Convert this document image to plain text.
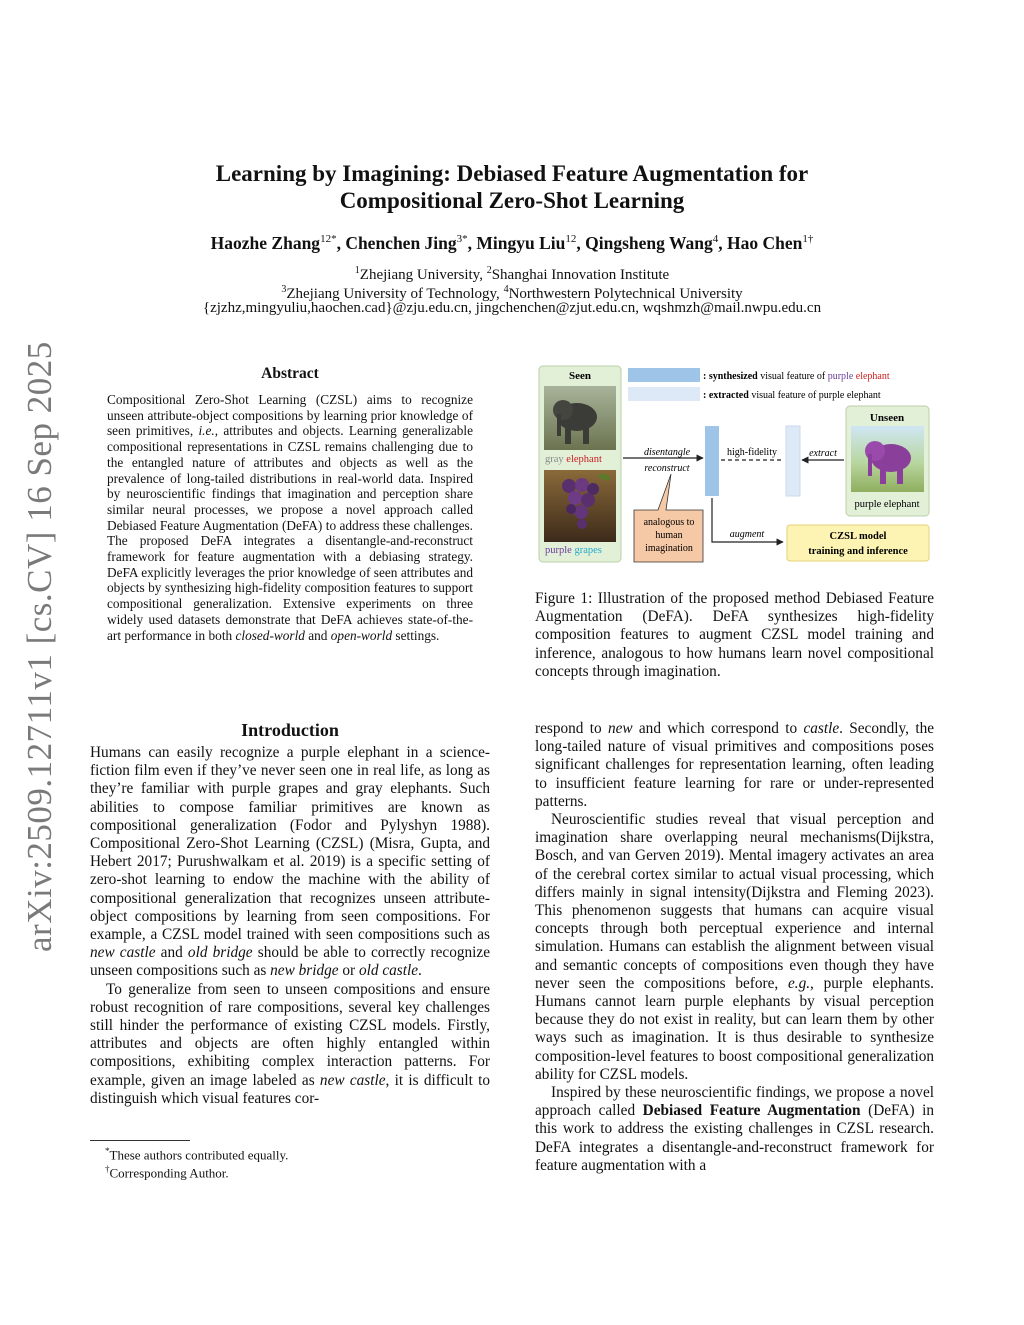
arXiv:2509.12711v1 [cs.CV] 16 Sep 2025
Learning by Imagining: Debiased Feature Augmentation for
Compositional Zero-Shot Learning
Haozhe Zhang$^{12*}$, Chenchen Jing$^{3*}$, Mingyu Liu$^{12}$, Qingsheng Wang$^4$, Hao Chen$^{1\dagger}$
$^1$Zhejiang University, $^2$Shanghai Innovation Institute
$^3$Zhejiang University of Technology, $^4$Northwestern Polytechnical University
{zjzhz,mingyuliu,haochen.cad}@zju.edu.cn, jingchenchen@zjut.edu.cn, wqshmzh@mail.nwpu.edu.cn
Abstract
Compositional Zero-Shot Learning (CZSL) aims to recognize unseen attribute-object compositions by learning prior knowledge of seen primitives, i.e., attributes and objects. Learning generalizable compositional representations in CZSL remains challenging due to the entangled nature of attributes and objects as well as the prevalence of long-tailed distributions in real-world data. Inspired by neuroscientific findings that imagination and perception share similar neural processes, we propose a novel approach called Debiased Feature Augmentation (DeFA) to address these challenges. The proposed DeFA integrates a disentangle-and-reconstruct framework for feature augmentation with a debiasing strategy. DeFA explicitly leverages the prior knowledge of seen attributes and objects by synthesizing high-fidelity composition features to support compositional generalization. Extensive experiments on three widely used datasets demonstrate that DeFA achieves state-of-the-art performance in both closed-world and open-world settings.
Introduction

Humans can easily recognize a purple elephant in a science-fiction film even if they’ve never seen one in real life, as long as they’re familiar with purple grapes and gray elephants. Such abilities to compose familiar primitives are known as compositional generalization (Fodor and Pylyshyn 1988). Compositional Zero-Shot Learning (CZSL) (Misra, Gupta, and Hebert 2017; Purushwalkam et al. 2019) is a specific setting of zero-shot learning to endow the machine with the ability of compositional generalization that recognizes unseen attribute-object compositions by learning from seen compositions. For example, a CZSL model trained with seen compositions such as new castle and old bridge should be able to correctly recognize unseen compositions such as new bridge or old castle.

To generalize from seen to unseen compositions and ensure robust recognition of rare compositions, several key challenges still hinder the performance of existing CZSL models. Firstly, attributes and objects are often highly entangled within compositions, exhibiting complex interaction patterns. For example, given an image labeled as new castle, it is difficult to distinguish which visual features cor-

*These authors contributed equally.
†Corresponding Author.
Seen
gray elephant
purple grapes
: synthesized visual feature of purple elephant
: extracted visual feature of purple elephant
Unseen
purple elephant
disentangle
reconstruct
high-fidelity	extract
augment
analogous to
human
imagination
CZSL model
training and inference
Figure 1: Illustration of the proposed method Debiased Feature Augmentation (DeFA). DeFA synthesizes high-fidelity composition features to augment CZSL model training and inference, analogous to how humans learn novel compositional concepts through imagination.

respond to new and which correspond to castle. Secondly, the long-tailed nature of visual primitives and compositions poses significant challenges for representation learning, often leading to insufficient feature learning for rare or under-represented patterns.

Neuroscientific studies reveal that visual perception and imagination share overlapping neural mechanisms(Dijkstra, Bosch, and van Gerven 2019). Mental imagery activates an area of the cerebral cortex similar to actual visual processing, which differs mainly in signal intensity(Dijkstra and Fleming 2023). This phenomenon suggests that humans can acquire visual concepts through both perceptual experience and internal simulation. Humans can establish the alignment between visual and semantic concepts of compositions even though they have never seen the compositions before, e.g., purple elephants. Humans cannot learn purple elephants by visual perception because they do not exist in reality, but can learn them by other ways such as imagination. It is thus desirable to synthesize composition-level features to boost compositional generalization ability for CZSL models.

Inspired by these neuroscientific findings, we propose a novel approach called Debiased Feature Augmentation (DeFA) in this work to address the existing challenges in CZSL research. DeFA integrates a disentangle-and-reconstruct framework for feature augmentation with a
